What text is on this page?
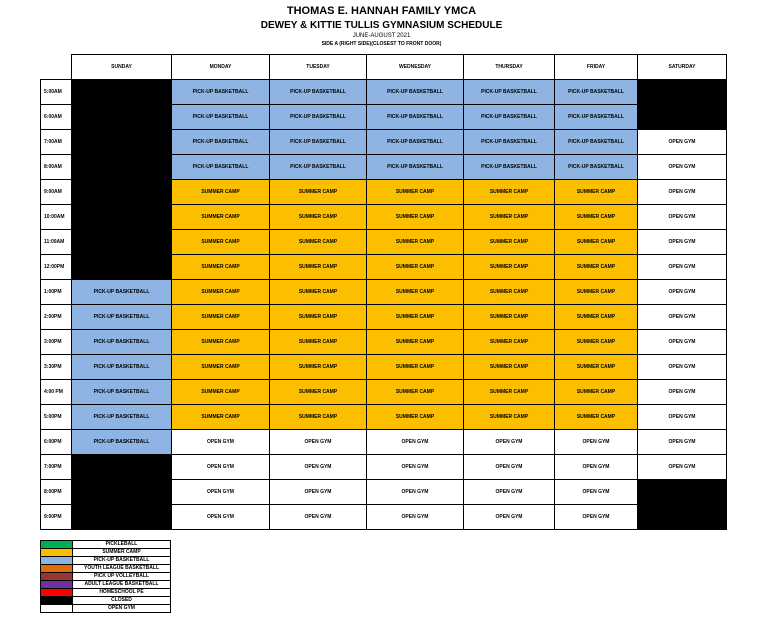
THOMAS E. HANNAH FAMILY YMCA
DEWEY & KITTIE TULLIS GYMNASIUM SCHEDULE
JUNE-AUGUST 2021
SIDE A (RIGHT SIDE)(CLOSEST TO FRONT DOOR)
	SUNDAY	MONDAY	TUESDAY	WEDNESDAY	THURSDAY	FRIDAY	SATURDAY
5:00AM		PICK-UP BASKETBALL	PICK-UP BASKETBALL	PICK-UP BASKETBALL	PICK-UP BASKETBALL	PICK-UP BASKETBALL	
6:00AM		PICK-UP BASKETBALL	PICK-UP BASKETBALL	PICK-UP BASKETBALL	PICK-UP BASKETBALL	PICK-UP BASKETBALL	
7:00AM		PICK-UP BASKETBALL	PICK-UP BASKETBALL	PICK-UP BASKETBALL	PICK-UP BASKETBALL	PICK-UP BASKETBALL	OPEN GYM
8:00AM		PICK-UP BASKETBALL	PICK-UP BASKETBALL	PICK-UP BASKETBALL	PICK-UP BASKETBALL	PICK-UP BASKETBALL	OPEN GYM
9:00AM		SUMMER CAMP	SUMMER CAMP	SUMMER CAMP	SUMMER CAMP	SUMMER CAMP	OPEN GYM
10:00AM		SUMMER CAMP	SUMMER CAMP	SUMMER CAMP	SUMMER CAMP	SUMMER CAMP	OPEN GYM
11:00AM		SUMMER CAMP	SUMMER CAMP	SUMMER CAMP	SUMMER CAMP	SUMMER CAMP	OPEN GYM
12:00PM		SUMMER CAMP	SUMMER CAMP	SUMMER CAMP	SUMMER CAMP	SUMMER CAMP	OPEN GYM
1:00PM	PICK-UP BASKETBALL	SUMMER CAMP	SUMMER CAMP	SUMMER CAMP	SUMMER CAMP	SUMMER CAMP	OPEN GYM
2:00PM	PICK-UP BASKETBALL	SUMMER CAMP	SUMMER CAMP	SUMMER CAMP	SUMMER CAMP	SUMMER CAMP	OPEN GYM
3:00PM	PICK-UP BASKETBALL	SUMMER CAMP	SUMMER CAMP	SUMMER CAMP	SUMMER CAMP	SUMMER CAMP	OPEN GYM
3:30PM	PICK-UP BASKETBALL	SUMMER CAMP	SUMMER CAMP	SUMMER CAMP	SUMMER CAMP	SUMMER CAMP	OPEN GYM
4:00 PM	PICK-UP BASKETBALL	SUMMER CAMP	SUMMER CAMP	SUMMER CAMP	SUMMER CAMP	SUMMER CAMP	OPEN GYM
5:00PM	PICK-UP BASKETBALL	SUMMER CAMP	SUMMER CAMP	SUMMER CAMP	SUMMER CAMP	SUMMER CAMP	OPEN GYM
6:00PM	PICK-UP BASKETBALL	OPEN GYM	OPEN GYM	OPEN GYM	OPEN GYM	OPEN GYM	OPEN GYM
7:00PM		OPEN GYM	OPEN GYM	OPEN GYM	OPEN GYM	OPEN GYM	OPEN GYM
8:00PM		OPEN GYM	OPEN GYM	OPEN GYM	OPEN GYM	OPEN GYM	
9:00PM		OPEN GYM	OPEN GYM	OPEN GYM	OPEN GYM	OPEN GYM	
	PICKLEBALL
	SUMMER CAMP
	PICK-UP BASKETBALL
	YOUTH LEAGUE BASKETBALL
	PICK UP VOLLEYBALL
	ADULT LEAGUE BASKETBALL
	HOMESCHOOL PE
	CLOSED
	OPEN GYM
